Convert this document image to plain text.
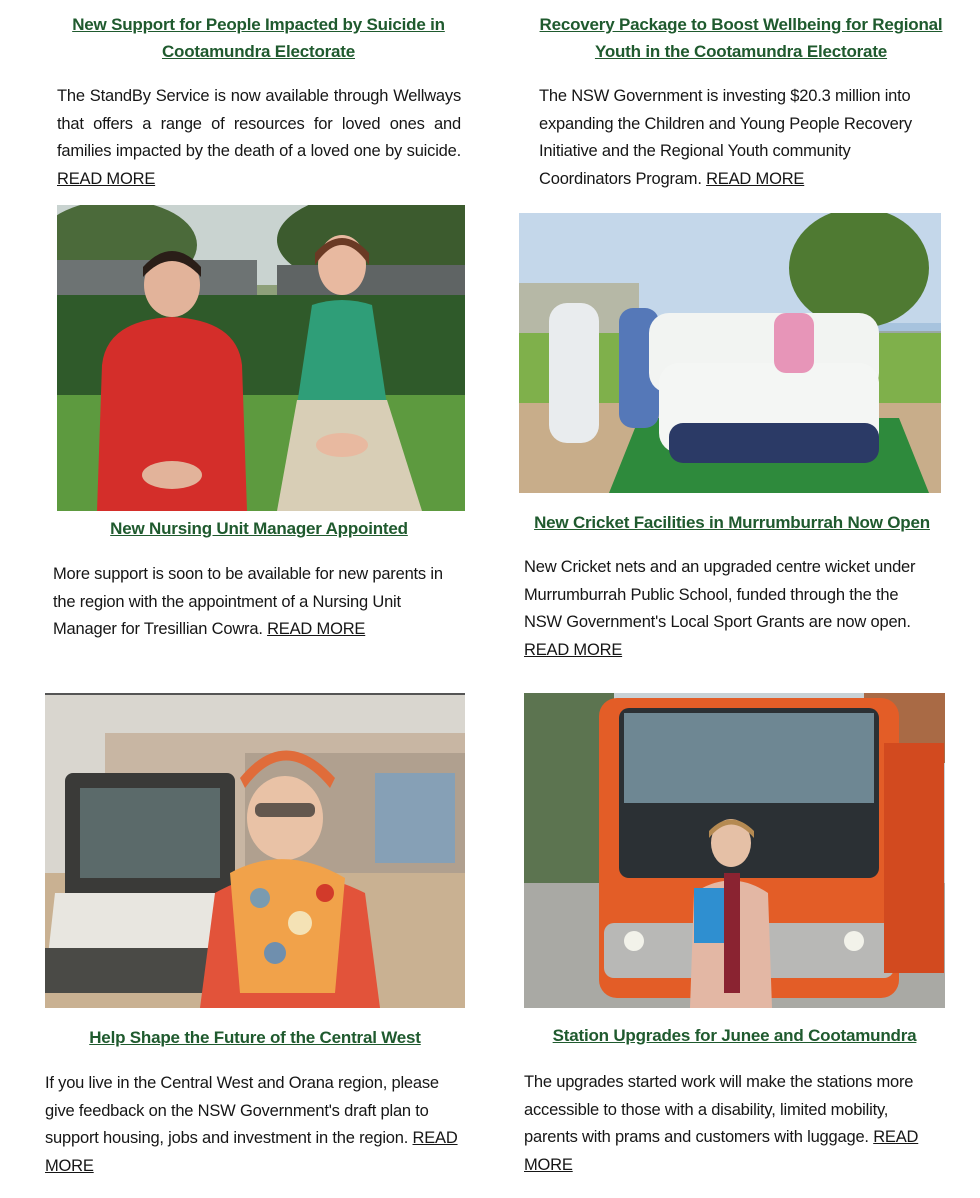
New Support for People Impacted by Suicide in Cootamundra Electorate

The StandBy Service is now available through Wellways that offers a range of resources for loved ones and families impacted by the death of a loved one by suicide. READ MORE

Recovery Package to Boost Wellbeing for Regional Youth in the Cootamundra Electorate

The NSW Government is investing $20.3 million into expanding the Children and Young People Recovery Initiative and the Regional Youth community Coordinators Program. READ MORE

New Nursing Unit Manager Appointed

More support is soon to be available for new parents in the region with the appointment of a Nursing Unit Manager for Tresillian Cowra. READ MORE

New Cricket Facilities in Murrumburrah Now Open

New Cricket nets and an upgraded centre wicket under Murrumburrah Public School, funded through the the NSW Government's Local Sport Grants are now open. READ MORE

Help Shape the Future of the Central West

If you live in the Central West and Orana region, please give feedback on the NSW Government's draft plan to support housing, jobs and investment in the region. READ MORE

Station Upgrades for Junee and Cootamundra

The upgrades started work will make the stations more accessible to those with a disability, limited mobility, parents with prams and customers with luggage. READ MORE
